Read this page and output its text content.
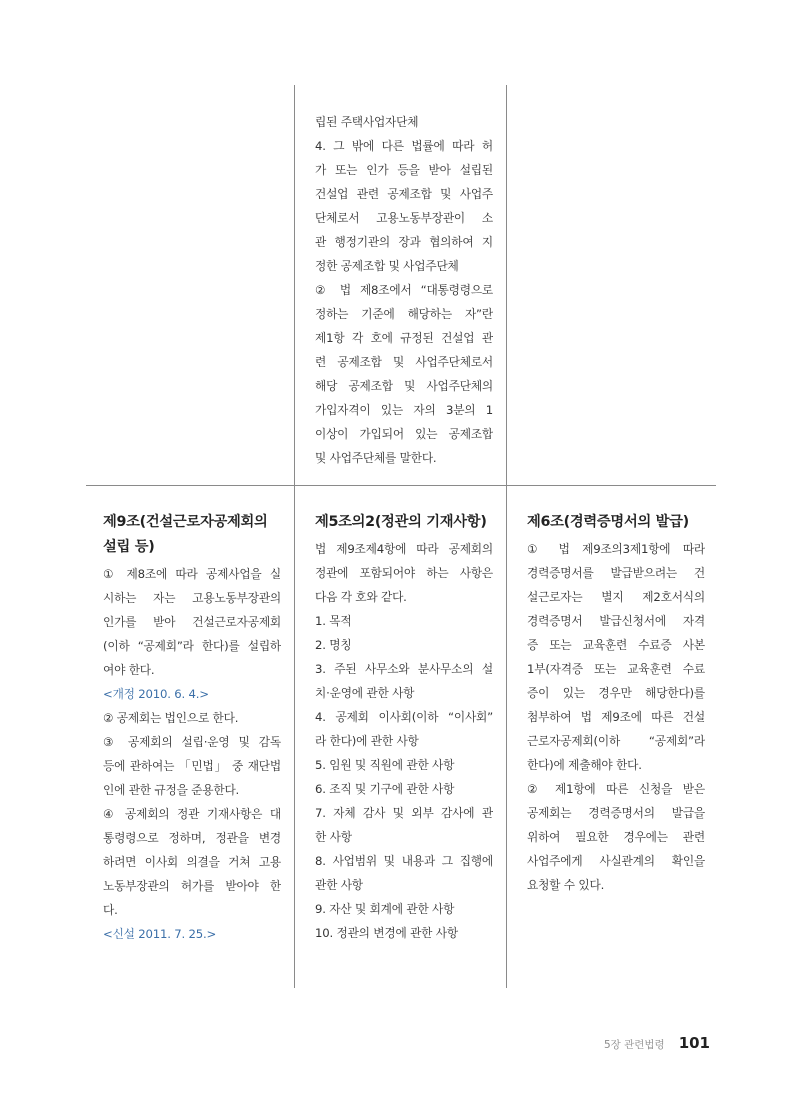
립된 주택사업자단체
4. 그 밖에 다른 법률에 따라 허
가 또는 인가 등을 받아 설립된
건설업 관련 공제조합 및 사업주
단체로서 고용노동부장관이 소
관 행정기관의 장과 협의하여 지
정한 공제조합 및 사업주단체
② 법 제8조에서 “대통령령으로
정하는 기준에 해당하는 자”란
제1항 각 호에 규정된 건설업 관
련 공제조합 및 사업주단체로서
해당 공제조합 및 사업주단체의
가입자격이 있는 자의 3분의 1
이상이 가입되어 있는 공제조합
및 사업주단체를 말한다.
제9조(건설근로자공제회의
설립 등)
① 제8조에 따라 공제사업을 실
시하는 자는 고용노동부장관의
인가를 받아 건설근로자공제회
(이하 “공제회”라 한다)를 설립하
여야 한다.
<개정 2010. 6. 4.>
② 공제회는 법인으로 한다.
③ 공제회의 설립·운영 및 감독
등에 관하여는 「민법」 중 재단법
인에 관한 규정을 준용한다.
④ 공제회의 정관 기재사항은 대
통령령으로 정하며, 정관을 변경
하려면 이사회 의결을 거쳐 고용
노동부장관의 허가를 받아야 한
다.
<신설 2011. 7. 25.>
제5조의2(정관의 기재사항)
법 제9조제4항에 따라 공제회의
정관에 포함되어야 하는 사항은
다음 각 호와 같다.
1. 목적
2. 명칭
3. 주된 사무소와 분사무소의 설
치·운영에 관한 사항
4. 공제회 이사회(이하 “이사회”
라 한다)에 관한 사항
5. 임원 및 직원에 관한 사항
6. 조직 및 기구에 관한 사항
7. 자체 감사 및 외부 감사에 관
한 사항
8. 사업범위 및 내용과 그 집행에
관한 사항
9. 자산 및 회계에 관한 사항
10. 정관의 변경에 관한 사항
제6조(경력증명서의 발급)
① 법 제9조의3제1항에 따라
경력증명서를 발급받으려는 건
설근로자는 별지 제2호서식의
경력증명서 발급신청서에 자격
증 또는 교육훈련 수료증 사본
1부(자격증 또는 교육훈련 수료
증이 있는 경우만 해당한다)를
첨부하여 법 제9조에 따른 건설
근로자공제회(이하 “공제회”라
한다)에 제출해야 한다.
② 제1항에 따른 신청을 받은
공제회는 경력증명서의 발급을
위하여 필요한 경우에는 관련
사업주에게 사실관계의 확인을
요청할 수 있다.
5장 관련법령 101
